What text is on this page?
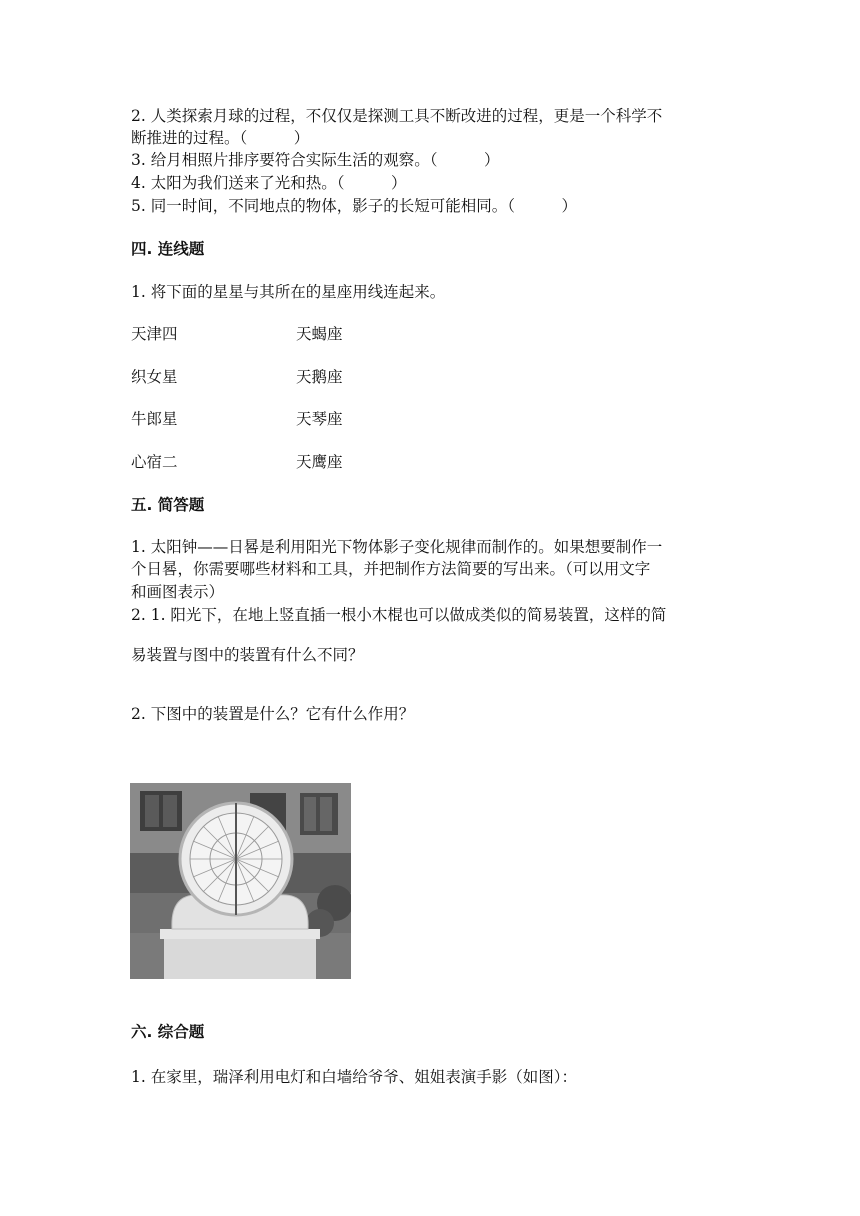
2. 人类探索月球的过程，不仅仅是探测工具不断改进的过程，更是一个科学不
断推进的过程。（　　　）
3. 给月相照片排序要符合实际生活的观察。（　　　）
4. 太阳为我们送来了光和热。（　　　）
5. 同一时间，不同地点的物体，影子的长短可能相同。（　　　）
四. 连线题
1. 将下面的星星与其所在的星座用线连起来。
天津四	天蝎座
织女星	天鹅座
牛郎星	天琴座
心宿二	天鹰座
五. 简答题
1. 太阳钟——日晷是利用阳光下物体影子变化规律而制作的。如果想要制作一
个日晷，你需要哪些材料和工具，并把制作方法简要的写出来。（可以用文字
和画图表示）
2. 1. 阳光下，在地上竖直插一根小木棍也可以做成类似的简易装置，这样的简
易装置与图中的装置有什么不同？
2. 下图中的装置是什么？它有什么作用？
六. 综合题
1. 在家里，瑞泽利用电灯和白墙给爷爷、姐姐表演手影（如图）：
